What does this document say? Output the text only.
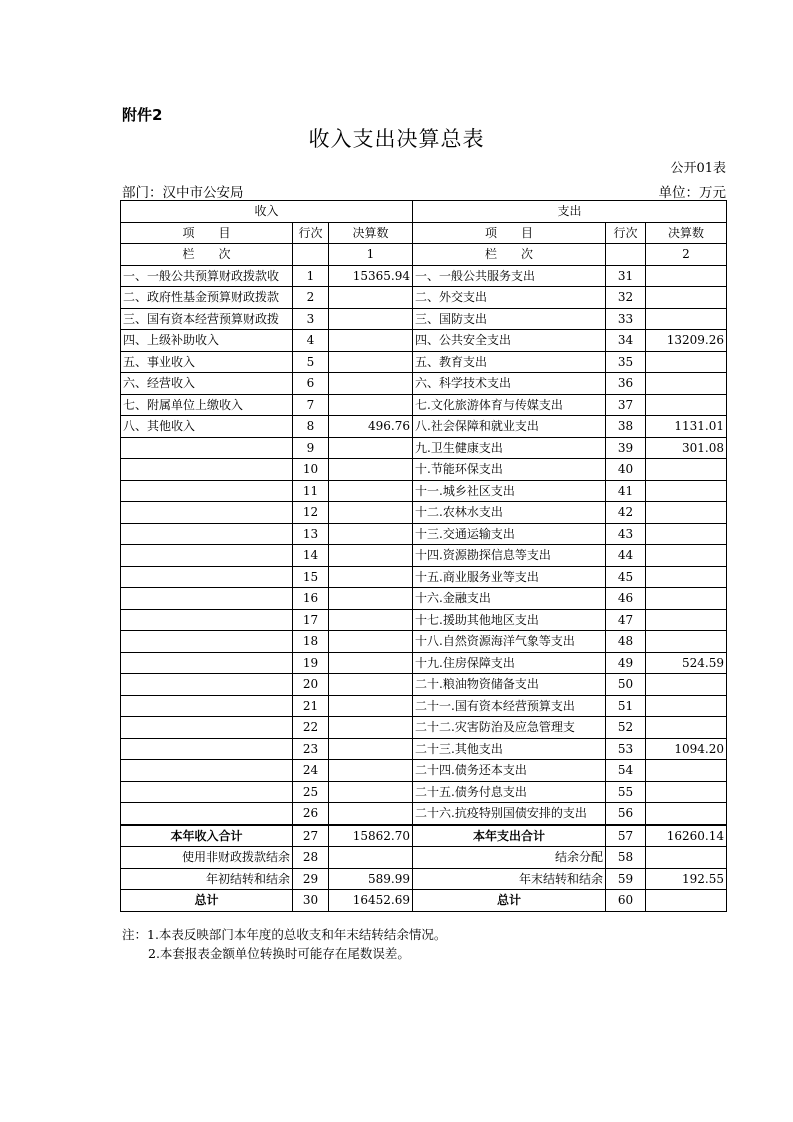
附件2
收入支出决算总表
公开01表
部门：汉中市公安局	单位：万元
收入			支出		
项　　目	行次	决算数	项　　目	行次	决算数
栏　　次		1	栏　　次		2
一、一般公共预算财政拨款收	1	15365.94	一、一般公共服务支出	31	
二、政府性基金预算财政拨款	2		二、外交支出	32	
三、国有资本经营预算财政拨	3		三、国防支出	33	
四、上级补助收入	4		四、公共安全支出	34	13209.26
五、事业收入	5		五、教育支出	35	
六、经营收入	6		六、科学技术支出	36	
七、附属单位上缴收入	7		七.文化旅游体育与传媒支出	37	
八、其他收入	8	496.76	八.社会保障和就业支出	38	1131.01
	9		九.卫生健康支出	39	301.08
	10		十.节能环保支出	40	
	11		十一.城乡社区支出	41	
	12		十二.农林水支出	42	
	13		十三.交通运输支出	43	
	14		十四.资源勘探信息等支出	44	
	15		十五.商业服务业等支出	45	
	16		十六.金融支出	46	
	17		十七.援助其他地区支出	47	
	18		十八.自然资源海洋气象等支出	48	
	19		十九.住房保障支出	49	524.59
	20		二十.粮油物资储备支出	50	
	21		二十一.国有资本经营预算支出	51	
	22		二十二.灾害防治及应急管理支	52	
	23		二十三.其他支出	53	1094.20
	24		二十四.债务还本支出	54	
	25		二十五.债务付息支出	55	
	26		二十六.抗疫特别国债安排的支出	56	
本年收入合计	27	15862.70	本年支出合计	57	16260.14
使用非财政拨款结余	28		结余分配	58	
年初结转和结余	29	589.99	年末结转和结余	59	192.55
总计	30	16452.69	总计	60	
注：1.本表反映部门本年度的总收支和年末结转结余情况。
2.本套报表金额单位转换时可能存在尾数误差。
